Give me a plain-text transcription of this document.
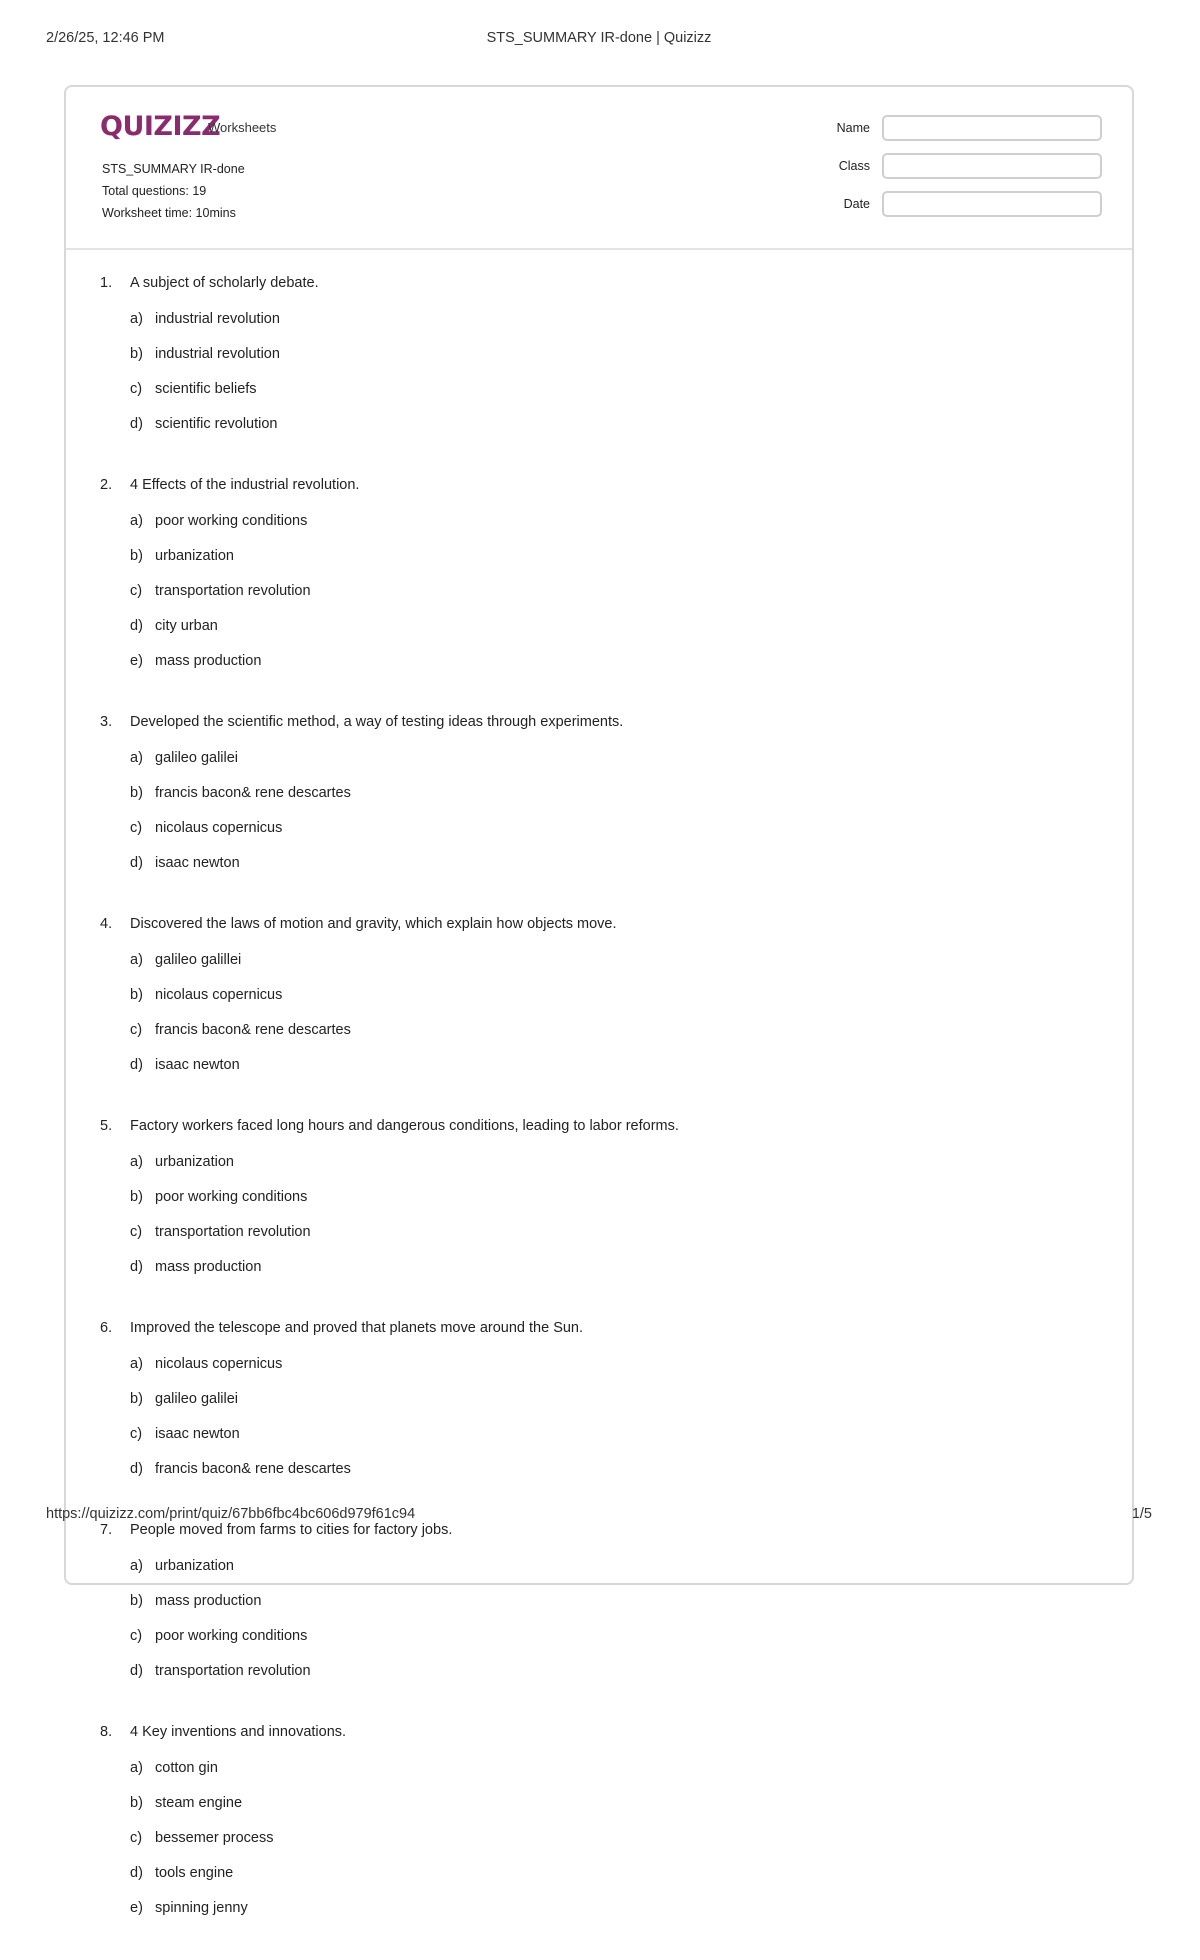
2/26/25, 12:46 PM	STS_SUMMARY IR-done | Quizizz
QUIZIZZ
Worksheets
STS_SUMMARY IR-done
Total questions: 19
Worksheet time: 10mins
Name
Class
Date
1.	A subject of scholarly debate.
a) industrial revolution
b) industrial revolution
c) scientific beliefs
d) scientific revolution
2.	4 Effects of the industrial revolution.
a) poor working conditions
b) urbanization
c) transportation revolution
d) city urban
e) mass production
3.	Developed the scientific method, a way of testing ideas through experiments.
a) galileo galilei
b) francis bacon& rene descartes
c) nicolaus copernicus
d) isaac newton
4.	Discovered the laws of motion and gravity, which explain how objects move.
a) galileo galillei
b) nicolaus copernicus
c) francis bacon& rene descartes
d) isaac newton
5.	Factory workers faced long hours and dangerous conditions, leading to labor reforms.
a) urbanization
b) poor working conditions
c) transportation revolution
d) mass production
6.	Improved the telescope and proved that planets move around the Sun.
a) nicolaus copernicus
b) galileo galilei
c) isaac newton
d) francis bacon& rene descartes
7.	People moved from farms to cities for factory jobs.
a) urbanization
b) mass production
c) poor working conditions
d) transportation revolution
8.	4 Key inventions and innovations.
a) cotton gin
b) steam engine
c) bessemer process
d) tools engine
e) spinning jenny
https://quizizz.com/print/quiz/67bb6fbc4bc606d979f61c94	1/5
